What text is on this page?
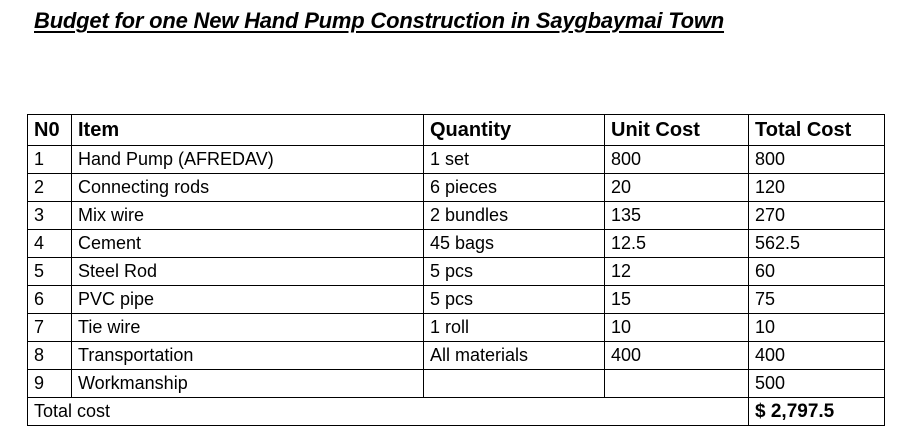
Budget for one New Hand Pump Construction in Saygbaymai Town
N0	Item	Quantity	Unit Cost	Total Cost
1	Hand Pump (AFREDAV)	1 set	800	800
2	Connecting rods	6 pieces	20	120
3	Mix wire	2 bundles	135	270
4	Cement	45 bags	12.5	562.5
5	Steel Rod	5 pcs	12	60
6	PVC pipe	5 pcs	15	75
7	Tie wire	1 roll	10	10
8	Transportation	All materials	400	400
9	Workmanship			500
Total cost				$ 2,797.5
